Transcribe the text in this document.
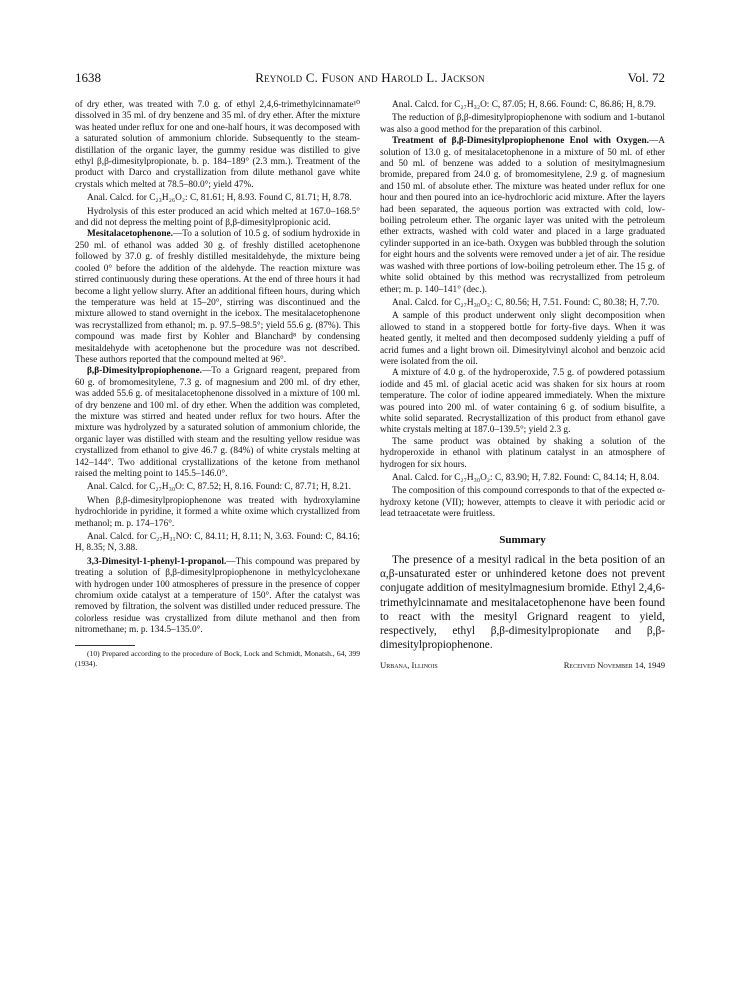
1638	Reynold C. Fuson and Harold L. Jackson	Vol. 72

of dry ether, was treated with 7.0 g. of ethyl 2,4,6-trimethylcinnamate¹⁰ dissolved in 35 ml. of dry benzene and 35 ml. of dry ether. After the mixture was heated under reflux for one and one-half hours, it was decomposed with a saturated solution of ammonium chloride. Subsequently to the steam-distillation of the organic layer, the gummy residue was distilled to give ethyl β,β-dimesitylpropionate, b. p. 184–189° (2.3 mm.). Treatment of the product with Darco and crystallization from dilute methanol gave white crystals which melted at 78.5–80.0°; yield 47%.

Anal. Calcd. for C₂₃H₂₆O₂: C, 81.61; H, 8.93. Found C, 81.71; H, 8.78.

Hydrolysis of this ester produced an acid which melted at 167.0–168.5° and did not depress the melting point of β,β-dimesitylpropionic acid.

Mesitalacetophenone.—To a solution of 10.5 g. of sodium hydroxide in 250 ml. of ethanol was added 30 g. of freshly distilled acetophenone followed by 37.0 g. of freshly distilled mesitaldehyde, the mixture being cooled 0° before the addition of the aldehyde. The reaction mixture was stirred continuously during these operations. At the end of three hours it had become a light yellow slurry. After an additional fifteen hours, during which the temperature was held at 15–20°, stirring was discontinued and the mixture allowed to stand overnight in the icebox. The mesitalacetophenone was recrystallized from ethanol; m. p. 97.5–98.5°; yield 55.6 g. (87%). This compound was made first by Kohler and Blanchard⁸ by condensing mesitaldehyde with acetophenone but the procedure was not described. These authors reported that the compound melted at 96°.

β,β-Dimesitylpropiophenone.—To a Grignard reagent, prepared from 60 g. of bromomesitylene, 7.3 g. of magnesium and 200 ml. of dry ether, was added 55.6 g. of mesitalacetophenone dissolved in a mixture of 100 ml. of dry benzene and 100 ml. of dry ether. When the addition was completed, the mixture was stirred and heated under reflux for two hours. After the mixture was hydrolyzed by a saturated solution of ammonium chloride, the organic layer was distilled with steam and the resulting yellow residue was crystallized from ethanol to give 46.7 g. (84%) of white crystals melting at 142–144°. Two additional crystallizations of the ketone from methanol raised the melting point to 145.5–146.0°.

Anal. Calcd. for C₂₇H₃₀O: C, 87.52; H, 8.16. Found: C, 87.71; H, 8.21.

When β,β-dimesitylpropiophenone was treated with hydroxylamine hydrochloride in pyridine, it formed a white oxime which crystallized from methanol; m. p. 174–176°.

Anal. Calcd. for C₂₇H₃₁NO: C, 84.11; H, 8.11; N, 3.63. Found: C, 84.16; H, 8.35; N, 3.88.

3,3-Dimesityl-1-phenyl-1-propanol.—This compound was prepared by treating a solution of β,β-dimesitylpropiophenone in methylcyclohexane with hydrogen under 100 atmospheres of pressure in the presence of copper chromium oxide catalyst at a temperature of 150°. After the catalyst was removed by filtration, the solvent was distilled under reduced pressure. The colorless residue was crystallized from dilute methanol and then from nitromethane; m. p. 134.5–135.0°.

(10) Prepared according to the procedure of Bock, Lock and Schmidt, Monatsh., 64, 399 (1934).

Anal. Calcd. for C₂₇H₃₂O: C, 87.05; H, 8.66. Found: C, 86.86; H, 8.79.

The reduction of β,β-dimesitylpropiophenone with sodium and 1-butanol was also a good method for the preparation of this carbinol.

Treatment of β,β-Dimesitylpropiophenone Enol with Oxygen.—A solution of 13.0 g. of mesitalacetophenone in a mixture of 50 ml. of ether and 50 ml. of benzene was added to a solution of mesitylmagnesium bromide, prepared from 24.0 g. of bromomesitylene, 2.9 g. of magnesium and 150 ml. of absolute ether. The mixture was heated under reflux for one hour and then poured into an ice-hydrochloric acid mixture. After the layers had been separated, the aqueous portion was extracted with cold, low-boiling petroleum ether. The organic layer was united with the petroleum ether extracts, washed with cold water and placed in a large graduated cylinder supported in an ice-bath. Oxygen was bubbled through the solution for eight hours and the solvents were removed under a jet of air. The residue was washed with three portions of low-boiling petroleum ether. The 15 g. of white solid obtained by this method was recrystallized from petroleum ether; m. p. 140–141° (dec.).

Anal. Calcd. for C₂₇H₃₀O₃: C, 80.56; H, 7.51. Found: C, 80.38; H, 7.70.

A sample of this product underwent only slight decomposition when allowed to stand in a stoppered bottle for forty-five days. When it was heated gently, it melted and then decomposed suddenly yielding a puff of acrid fumes and a light brown oil. Dimesitylvinyl alcohol and benzoic acid were isolated from the oil.

A mixture of 4.0 g. of the hydroperoxide, 7.5 g. of powdered potassium iodide and 45 ml. of glacial acetic acid was shaken for six hours at room temperature. The color of iodine appeared immediately. When the mixture was poured into 200 ml. of water containing 6 g. of sodium bisulfite, a white solid separated. Recrystallization of this product from ethanol gave white crystals melting at 187.0–139.5°; yield 2.3 g.

The same product was obtained by shaking a solution of the hydroperoxide in ethanol with platinum catalyst in an atmosphere of hydrogen for six hours.

Anal. Calcd. for C₂₇H₃₀O₂: C, 83.90; H, 7.82. Found: C, 84.14; H, 8.04.

The composition of this compound corresponds to that of the expected α-hydroxy ketone (VII); however, attempts to cleave it with periodic acid or lead tetraacetate were fruitless.

Summary

The presence of a mesityl radical in the beta position of an α,β-unsaturated ester or unhindered ketone does not prevent conjugate addition of mesitylmagnesium bromide. Ethyl 2,4,6-trimethylcinnamate and mesitalacetophenone have been found to react with the mesityl Grignard reagent to yield, respectively, ethyl β,β-dimesitylpropionate and β,β-dimesitylpropiophenone.

Urbana, Illinois	Received November 14, 1949
